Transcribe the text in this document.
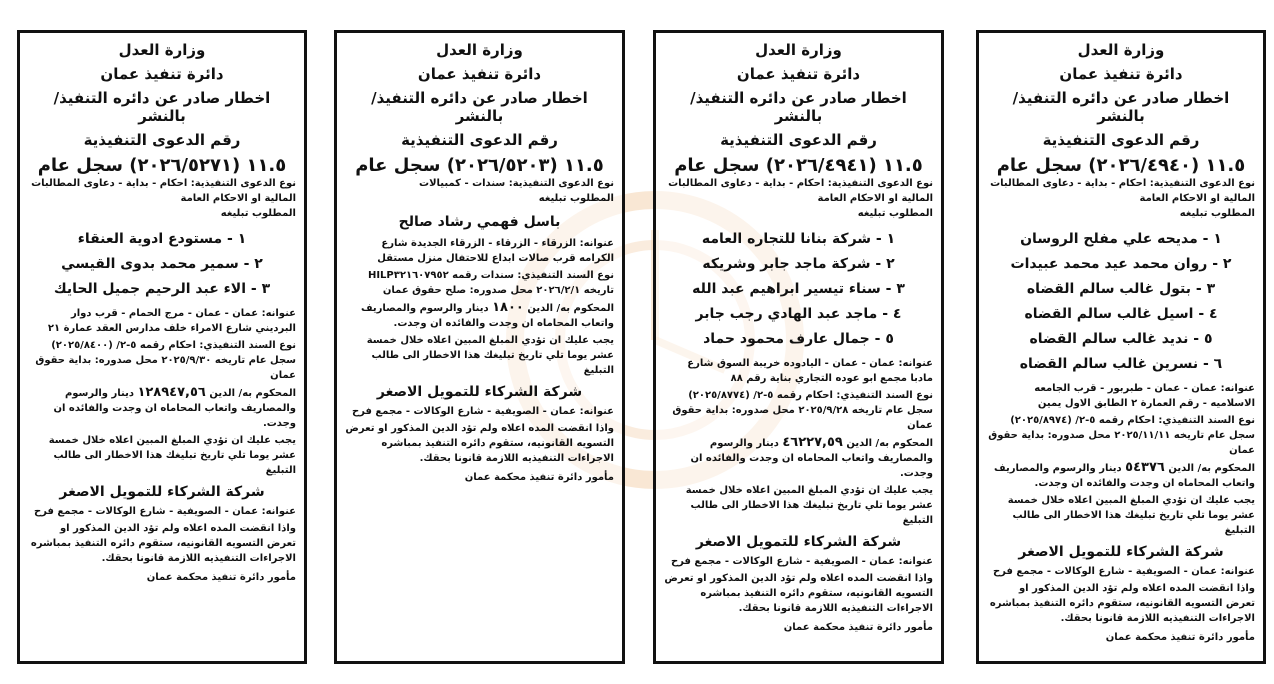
وزارة العدل
دائرة تنفيذ عمان
اخطار صادر عن دائره التنفيذ/ بالنشر
رقم الدعوى التنفيذية
١١.٥ (٢٠٢٦/٤٩٤٠) سجل عام
نوع الدعوى التنفيذية: احكام - بداية - دعاوى المطالبات المالية او الاحكام العامة
المطلوب تبليغه
١ - مديحه علي مفلح الروسان
٢ - روان محمد عيد محمد عبيدات
٣ - بتول غالب سالم القضاه
٤ - اسيل غالب سالم القضاه
٥ - نديد غالب سالم القضاه
٦ - نسرين غالب سالم القضاه

عنوانه: عمان - عمان - طبربور - قرب الجامعه الاسلاميه - رقم العمارة ٢ الطابق الاول يمين

نوع السند التنفيذي: احكام رقمه ٥-٢/ (٢٠٢٥/٨٩٧٤) سجل عام تاريخه ٢٠٢٥/١١/١١ محل صدوره: بداية حقوق عمان

المحكوم به/ الدين ٥٤٣٧٦ دينار والرسوم والمصاريف واتعاب المحاماه ان وجدت والفائده ان وجدت.

يجب عليك ان تؤدي المبلغ المبين اعلاه خلال خمسة عشر يوما تلي تاريخ تبليغك هذا الاخطار الى طالب التبليغ

شركة الشركاء للتمويل الاصغر

عنوانه: عمان - الصويفية - شارع الوكالات - مجمع فرح

واذا انقضت المده اعلاه ولم تؤد الدين المذكور او تعرض التسويه القانونيه، ستقوم دائره التنفيذ بمباشره الاجراءات التنفيذيه اللازمة قانونا بحقك.

مأمور دائرة تنفيذ محكمة عمان
وزارة العدل
دائرة تنفيذ عمان
اخطار صادر عن دائره التنفيذ/ بالنشر
رقم الدعوى التنفيذية
١١.٥ (٢٠٢٦/٤٩٤١) سجل عام
نوع الدعوى التنفيذية: احكام - بداية - دعاوى المطالبات المالية او الاحكام العامة
المطلوب تبليغه
١ - شركة بنانا للتجاره العامه
٢ - شركة ماجد جابر وشريكه
٣ - سناء تيسير ابراهيم عبد الله
٤ - ماجد عبد الهادي رجب جابر
٥ - جمال عارف محمود حماد

عنوانه: عمان - عمان - اليادوده خريبة السوق شارع مادبا مجمع ابو عوده التجاري بناية رقم ٨٨

نوع السند التنفيذي: احكام رقمه ٥-٢/ (٢٠٢٥/٨٧٧٤) سجل عام تاريخه ٢٠٢٥/٩/٢٨ محل صدوره: بداية حقوق عمان

المحكوم به/ الدين ٤٦٢٢٧,٥٩ دينار والرسوم والمصاريف واتعاب المحاماه ان وجدت والفائده ان وجدت.

يجب عليك ان تؤدي المبلغ المبين اعلاه خلال خمسة عشر يوما تلي تاريخ تبليغك هذا الاخطار الى طالب التبليغ

شركة الشركاء للتمويل الاصغر

عنوانه: عمان - الصويفية - شارع الوكالات - مجمع فرح

واذا انقضت المده اعلاه ولم تؤد الدين المذكور او تعرض التسويه القانونيه، ستقوم دائره التنفيذ بمباشره الاجراءات التنفيذيه اللازمة قانونا بحقك.

مأمور دائرة تنفيذ محكمة عمان
وزارة العدل
دائرة تنفيذ عمان
اخطار صادر عن دائره التنفيذ/ بالنشر
رقم الدعوى التنفيذية
١١.٥ (٢٠٢٦/٥٢٠٣) سجل عام
نوع الدعوى التنفيذية: سندات - كمبيالات
المطلوب تبليغه
باسل فهمي رشاد صالح

عنوانه: الزرقاء - الزرقاء - الزرقاء الجديدة شارع الكرامه قرب صالات ابداع للاحتفال منزل مستقل

نوع السند التنفيذي: سندات رقمه HILP٣٢١٦٠٧٩٥٢ تاريخه ٢٠٢٦/٢/١ محل صدوره: صلح حقوق عمان

المحكوم به/ الدين ١٨٠٠ دينار والرسوم والمصاريف واتعاب المحاماه ان وجدت والفائده ان وجدت.

يجب عليك ان تؤدي المبلغ المبين اعلاه خلال خمسة عشر يوما تلي تاريخ تبليغك هذا الاخطار الى طالب التبليغ

شركة الشركاء للتمويل الاصغر

عنوانه: عمان - الصويفية - شارع الوكالات - مجمع فرح

واذا انقضت المده اعلاه ولم تؤد الدين المذكور او تعرض التسويه القانونيه، ستقوم دائره التنفيذ بمباشره الاجراءات التنفيذيه اللازمة قانونا بحقك.

مأمور دائرة تنفيذ محكمة عمان
وزارة العدل
دائرة تنفيذ عمان
اخطار صادر عن دائره التنفيذ/ بالنشر
رقم الدعوى التنفيذية
١١.٥ (٢٠٢٦/٥٢٧١) سجل عام
نوع الدعوى التنفيذية: احكام - بداية - دعاوى المطالبات المالية او الاحكام العامة
المطلوب تبليغه
١ - مستودع ادوية العنقاء
٢ - سمير محمد بدوى القيسي
٣ - الاء عبد الرحيم جميل الحايك

عنوانه: عمان - عمان - مرج الحمام - قرب دوار البرديني شارع الامراء خلف مدارس العقد عمارة ٢١

نوع السند التنفيذي: احكام رقمه ٥-٢/ (٢٠٢٥/٨٤٠٠) سجل عام تاريخه ٢٠٢٥/٩/٣٠ محل صدوره: بداية حقوق عمان

المحكوم به/ الدين ١٢٨٩٤٧,٥٦ دينار والرسوم والمصاريف واتعاب المحاماه ان وجدت والفائده ان وجدت.

يجب عليك ان تؤدي المبلغ المبين اعلاه خلال خمسة عشر يوما تلي تاريخ تبليغك هذا الاخطار الى طالب التبليغ

شركة الشركاء للتمويل الاصغر

عنوانه: عمان - الصويفية - شارع الوكالات - مجمع فرح

واذا انقضت المده اعلاه ولم تؤد الدين المذكور او تعرض التسويه القانونيه، ستقوم دائره التنفيذ بمباشره الاجراءات التنفيذيه اللازمة قانونا بحقك.

مأمور دائرة تنفيذ محكمة عمان
